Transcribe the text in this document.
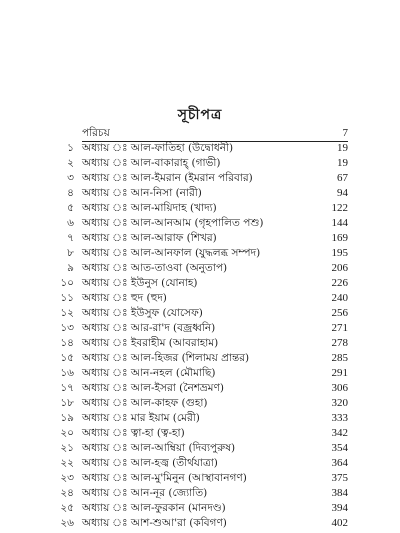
সূচীপত্র
পরিচয়	7
১ অধ্যায় ঃ আল-ফাতিহা (উদ্বোধনী)	19
২ অধ্যায় ঃ আল-বাকারাহ্ (গাভী)	19
৩ অধ্যায় ঃ আল-ইমরান (ইমরান পরিবার)	67
৪ অধ্যায় ঃ আন-নিসা (নারী)	94
৫ অধ্যায় ঃ আল-মায়িদাহ (খাদ্য)	122
৬ অধ্যায় ঃ আল-আনআম (গৃহপালিত পশু)	144
৭ অধ্যায় ঃ আল-আরাফ (শিখর)	169
৮ অধ্যায় ঃ আল-আনফাল (যুদ্ধলব্ধ সম্পদ)	195
৯ অধ্যায় ঃ আত-তাওবা (অনুতাপ)	206
১০ অধ্যায় ঃ ইউনুস (যোনাহ)	226
১১ অধ্যায় ঃ হুদ (হুদ)	240
১২ অধ্যায় ঃ ইউসুফ (যোসেফ)	256
১৩ অধ্যায় ঃ আর-রা'দ (বজ্রধ্বনি)	271
১৪ অধ্যায় ঃ ইবরাহীম (আবরাহাম)	278
১৫ অধ্যায় ঃ আল-হিজর (শিলাময় প্রান্তর)	285
১৬ অধ্যায় ঃ আন-নহল (মৌমাছি)	291
১৭ অধ্যায় ঃ আল-ইসরা (নৈশভ্রমণ)	306
১৮ অধ্যায় ঃ আল-কাহফ (গুহা)	320
১৯ অধ্যায় ঃ মার ইয়াম (মেরী)	333
২০ অধ্যায় ঃ ত্বা-হা (ত্ব-হা)	342
২১ অধ্যায় ঃ আল-আম্বিয়া (দিব্যপুরুষ)	354
২২ অধ্যায় ঃ আল-হজ্ব (তীর্থযাত্রা)	364
২৩ অধ্যায় ঃ আল-মু'মিনুন (আস্থাবানগণ)	375
২৪ অধ্যায় ঃ আন-নূর (জ্যোতি)	384
২৫ অধ্যায় ঃ আল-ফুরকান (মানদণ্ড)	394
২৬ অধ্যায় ঃ আশ-শুআ'রা (কবিগণ)	402
